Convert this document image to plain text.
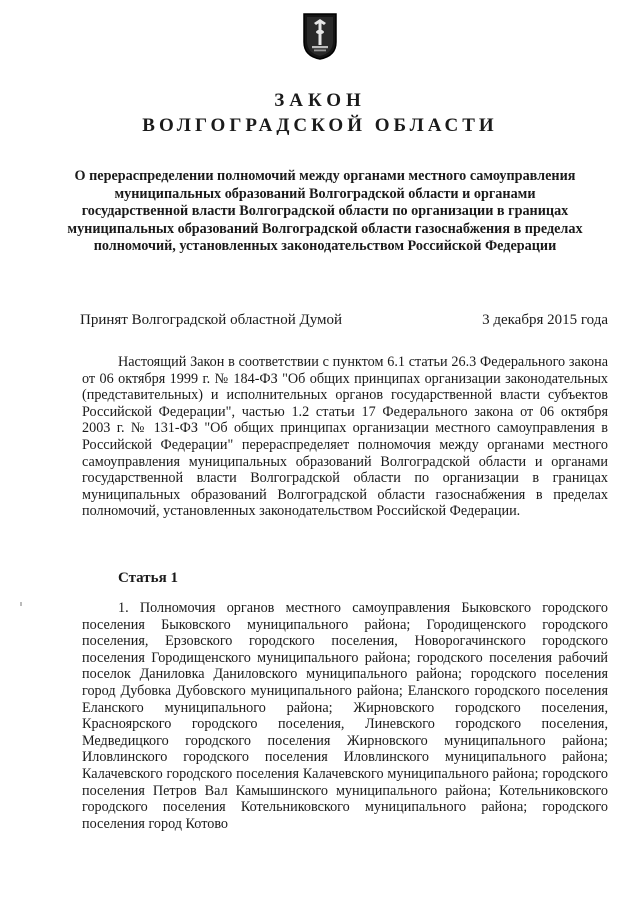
ЗАКОН
ВОЛГОГРАДСКОЙ ОБЛАСТИ
О перераспределении полномочий между органами местного самоуправления муниципальных образований Волгоградской области и органами государственной власти Волгоградской области по организации в границах муниципальных образований Волгоградской области газоснабжения в пределах полномочий, установленных законодательством Российской Федерации
Принят Волгоградской областной Думой	3 декабря 2015 года

Настоящий Закон в соответствии с пунктом 6.1 статьи 26.3 Федерального закона от 06 октября 1999 г. № 184-ФЗ "Об общих принципах организации законодательных (представительных) и исполнительных органов государственной власти субъектов Российской Федерации", частью 1.2 статьи 17 Федерального закона от 06 октября 2003 г. № 131-ФЗ "Об общих принципах организации местного самоуправления в Российской Федерации" перераспределяет полномочия между органами местного самоуправления муниципальных образований Волгоградской области и органами государственной власти Волгоградской области по организации в границах муниципальных образований Волгоградской области газоснабжения в пределах полномочий, установленных законодательством Российской Федерации.

Статья 1

1. Полномочия органов местного самоуправления Быковского городского поселения Быковского муниципального района; Городищенского городского поселения, Ерзовского городского поселения, Новорогачинского городского поселения Городищенского муниципального района; городского поселения рабочий поселок Даниловка Даниловского муниципального района; городского поселения город Дубовка Дубовского муниципального района; Еланского городского поселения Еланского муниципального района; Жирновского городского поселения, Красноярского городского поселения, Линевского городского поселения, Медведицкого городского поселения Жирновского муниципального района; Иловлинского городского поселения Иловлинского муниципального района; Калачевского городского поселения Калачевского муниципального района; городского поселения Петров Вал Камышинского муниципального района; Котельниковского городского поселения Котельниковского муниципального района; городского поселения город Котово
